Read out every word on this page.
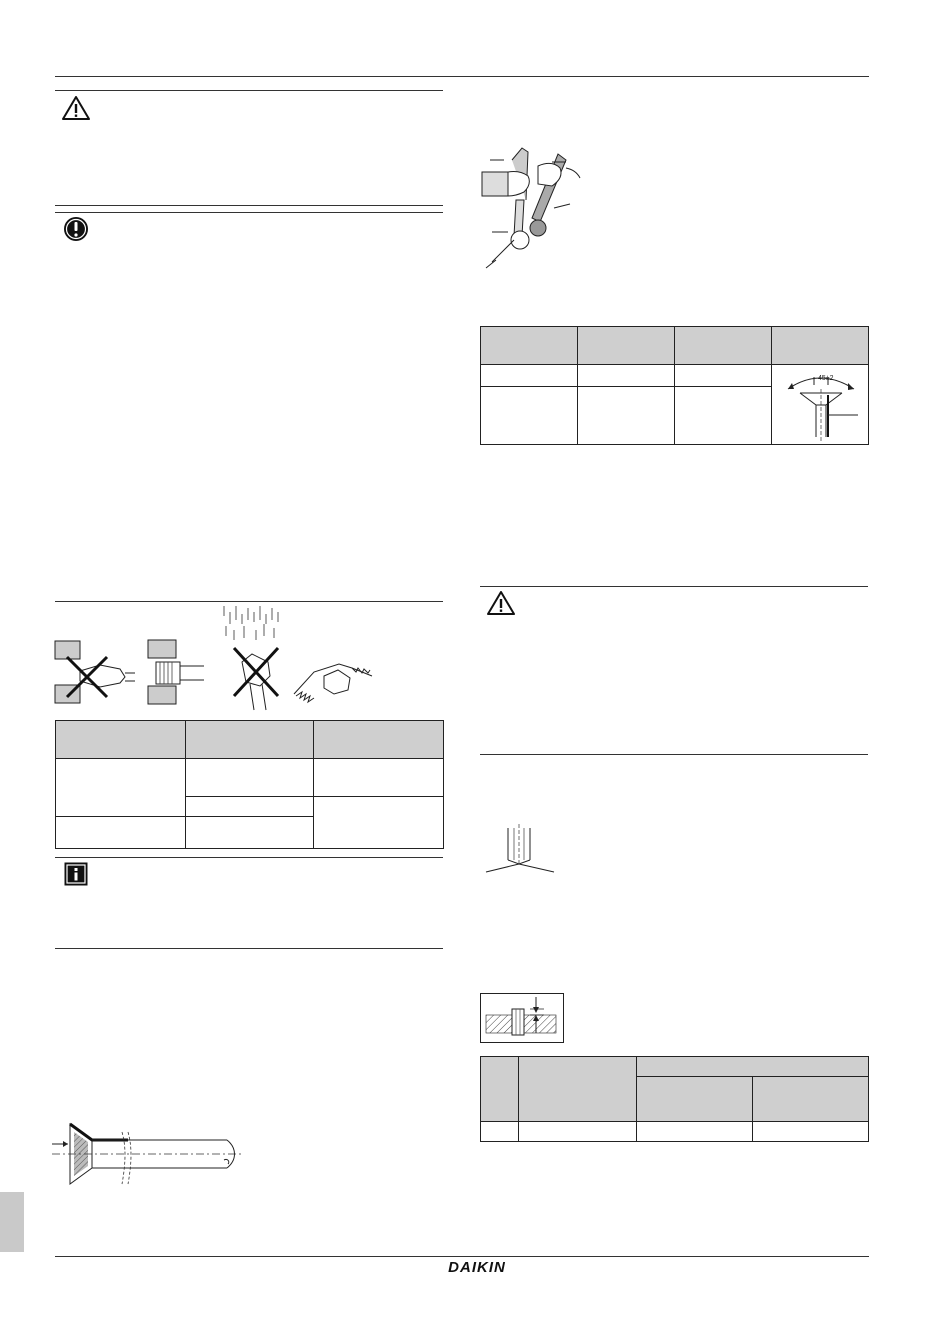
45±2

DAIKIN
